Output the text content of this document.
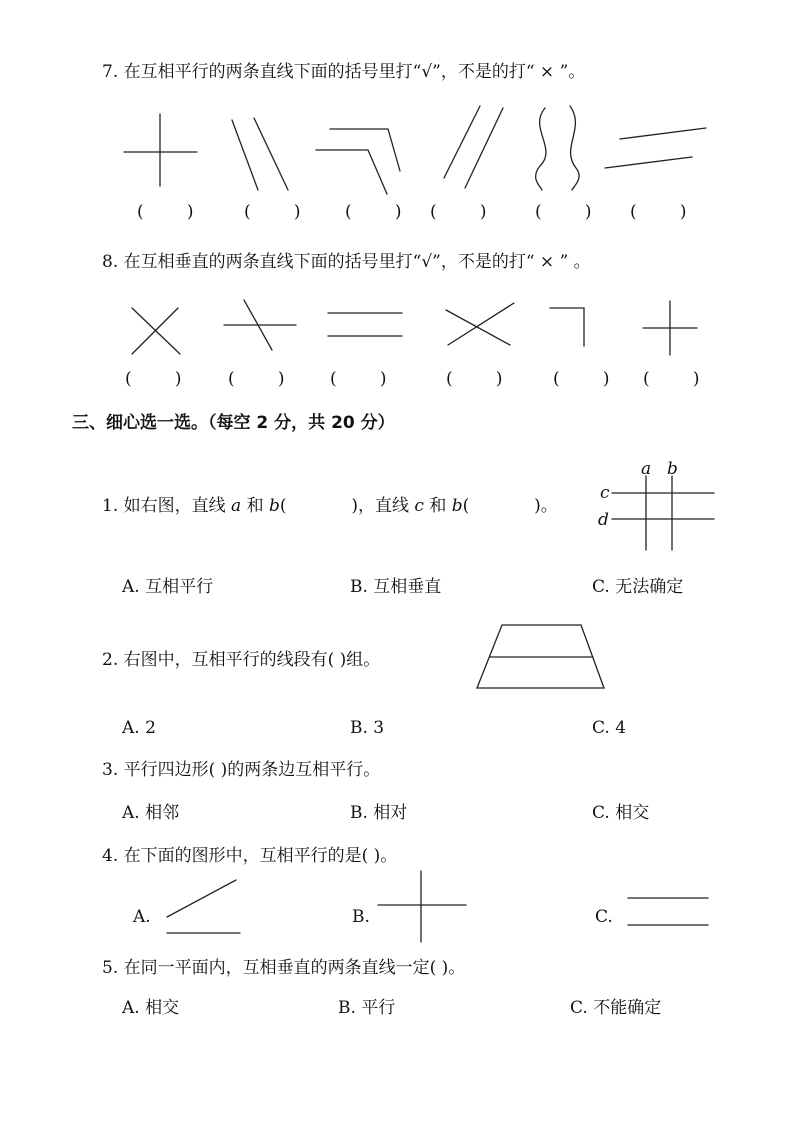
7. 在互相平行的两条直线下面的括号里打“√”，不是的打“ × ”。
(        )	(        )	(        ) (        )	(        ) (        )
8. 在互相垂直的两条直线下面的括号里打“√”，不是的打“ × ” 。
(        )	(        )	(        )	(        )	(        ) (        )
三、细心选一选。（每空 2 分，共 20 分）
1. 如右图，直线 a 和 b(            )，直线 c 和 b(            )。
a b
c
d
A. 互相平行	B. 互相垂直	C. 无法确定
2. 右图中，互相平行的线段有( )组。
A. 2	B. 3	C. 4
3. 平行四边形( )的两条边互相平行。
A. 相邻	B. 相对	C. 相交
4. 在下面的图形中，互相平行的是( )。
A.	B.	C.
5. 在同一平面内，互相垂直的两条直线一定( )。
A. 相交	B. 平行	C. 不能确定
